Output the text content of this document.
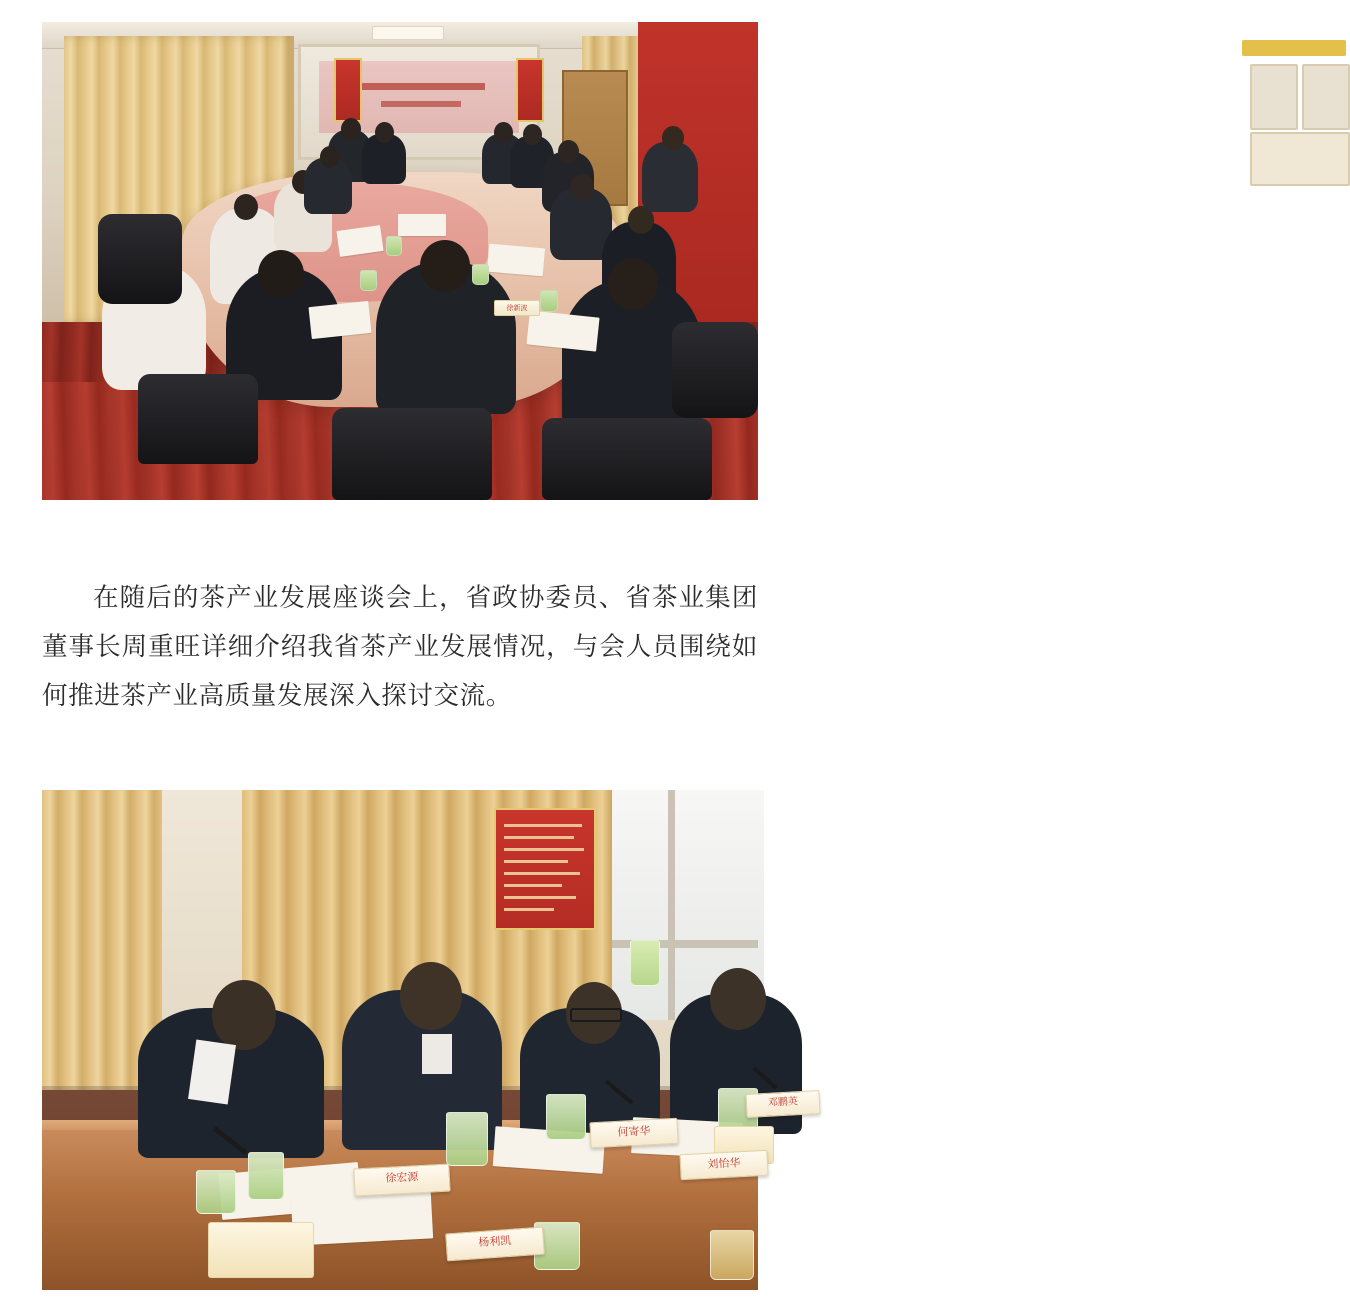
徐新波

在随后的茶产业发展座谈会上，省政协委员、省茶业集团董事长周重旺详细介绍我省茶产业发展情况，与会人员围绕如何推进茶产业高质量发展深入探讨交流。

杨利凯
徐宏源
何寄华
刘怡华
邓鹏英
